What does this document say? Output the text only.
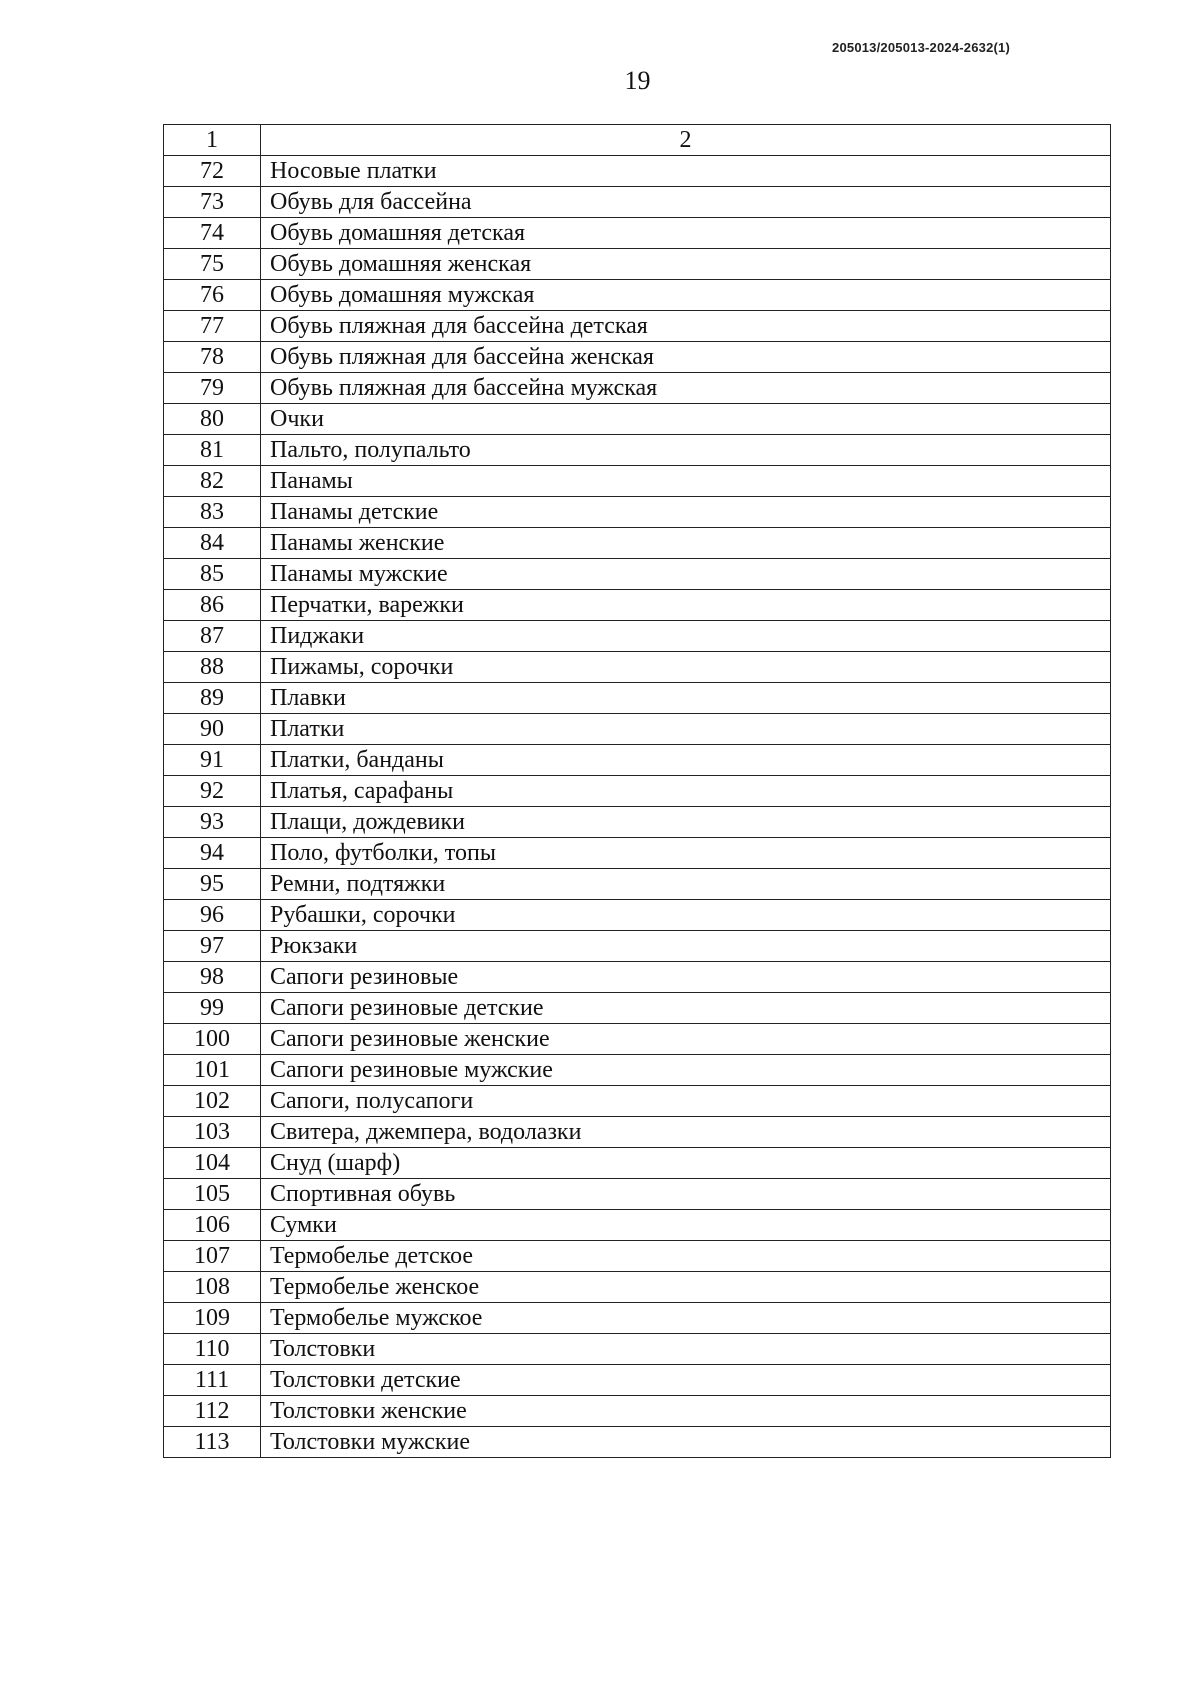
205013/205013-2024-2632(1)
19
1	2
72	Носовые платки
73	Обувь для бассейна
74	Обувь домашняя детская
75	Обувь домашняя женская
76	Обувь домашняя мужская
77	Обувь пляжная для бассейна детская
78	Обувь пляжная для бассейна женская
79	Обувь пляжная для бассейна мужская
80	Очки
81	Пальто, полупальто
82	Панамы
83	Панамы детские
84	Панамы женские
85	Панамы мужские
86	Перчатки, варежки
87	Пиджаки
88	Пижамы, сорочки
89	Плавки
90	Платки
91	Платки, банданы
92	Платья, сарафаны
93	Плащи, дождевики
94	Поло, футболки, топы
95	Ремни, подтяжки
96	Рубашки, сорочки
97	Рюкзаки
98	Сапоги резиновые
99	Сапоги резиновые детские
100	Сапоги резиновые женские
101	Сапоги резиновые мужские
102	Сапоги, полусапоги
103	Свитера, джемпера, водолазки
104	Снуд (шарф)
105	Спортивная обувь
106	Сумки
107	Термобелье детское
108	Термобелье женское
109	Термобелье мужское
110	Толстовки
111	Толстовки детские
112	Толстовки женские
113	Толстовки мужские
